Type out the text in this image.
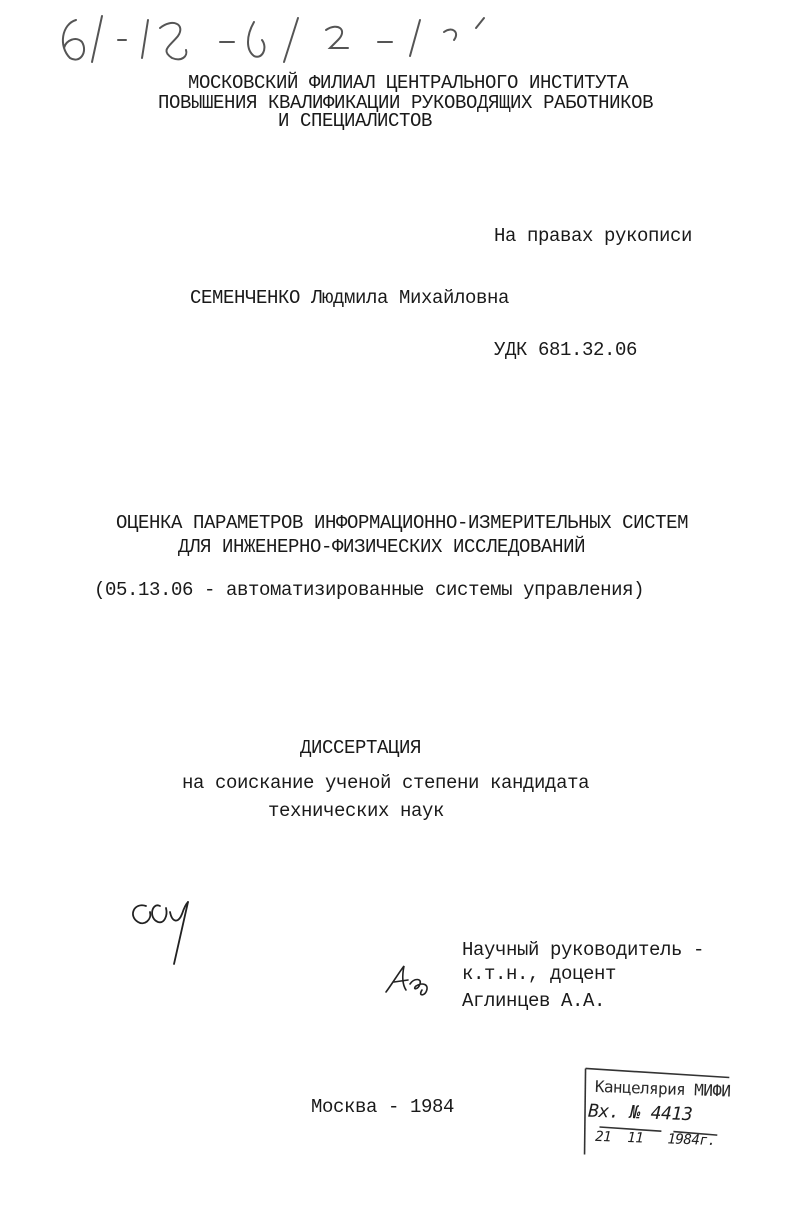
6/.-18 -2/ /.-2
МОСКОВСКИЙ ФИЛИАЛ ЦЕНТРАЛЬНОГО ИНСТИТУТА
ПОВЫШЕНИЯ КВАЛИФИКАЦИИ РУКОВОДЯЩИХ РАБОТНИКОВ
И СПЕЦИАЛИСТОВ
На правах рукописи
СЕМЕНЧЕНКО Людмила Михайловна
УДК 681.32.06
ОЦЕНКА ПАРАМЕТРОВ ИНФОРМАЦИОННО-ИЗМЕРИТЕЛЬНЫХ СИСТЕМ
ДЛЯ ИНЖЕНЕРНО-ФИЗИЧЕСКИХ ИССЛЕДОВАНИЙ
(05.13.06 - автоматизированные системы управления)
ДИССЕРТАЦИЯ
на соискание ученой степени кандидата
технических наук
Научный руководитель -
к.т.н., доцент
Аглинцев А.А.
Москва - 1984
Канцелярия МИФИ
Вх. № 4413
21  11   1984г.
